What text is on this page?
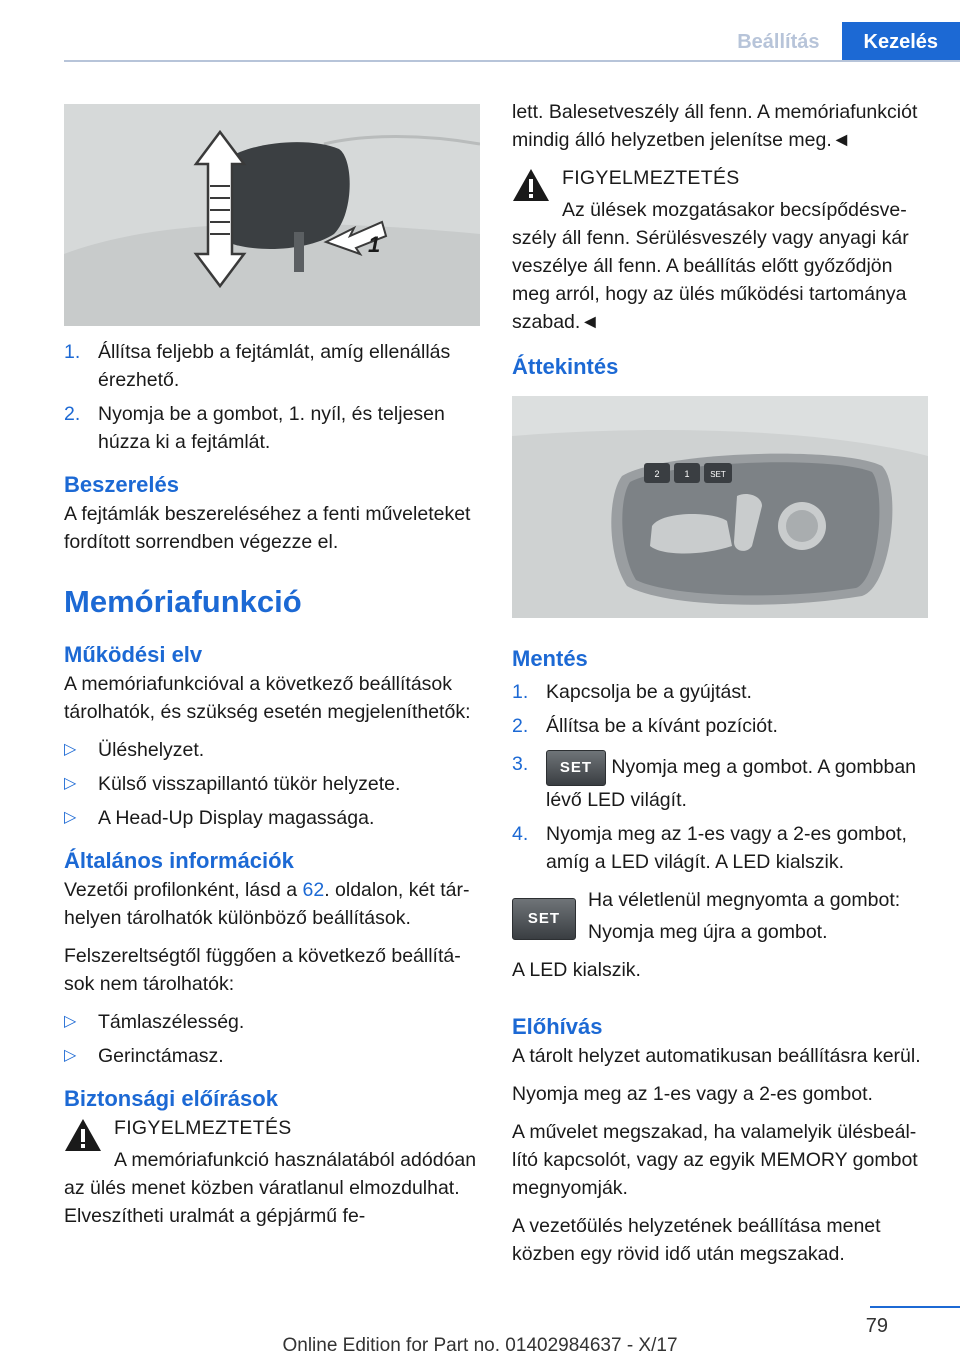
Beállítás	Kezelés
1
1. Állítsa feljebb a fejtámlát, amíg ellenállás érezhető.
2. Nyomja be a gombot, 1. nyíl, és teljesen húzza ki a fejtámlát.
Beszerelés

A fejtámlák beszereléséhez a fenti műveleteket fordított sorrendben végezze el.

Memóriafunkció
Működési elv

A memóriafunkcióval a következő beállítások tárolhatók, és szükség esetén megjeleníthetők:

▷ Üléshelyzet.
▷ Külső visszapillantó tükör helyzete.
▷ A Head-Up Display magassága.
Általános információk

Vezetői profilonként, lásd a 62. oldalon, két tárhelyen tárolhatók különböző beállítások.

Felszereltségtől függően a következő beállítások nem tárolhatók:

▷ Támlaszélesség.
▷ Gerinctámasz.
Biztonsági előírások
FIGYELMEZTETÉS

A memóriafunkció használatából adódóan az ülés menet közben váratlanul elmozdulhat. Elveszítheti uralmát a gépjármű fe-

lett. Balesetveszély áll fenn. A memóriafunkciót mindig álló helyzetben jelenítse meg.◄

FIGYELMEZTETÉS

Az ülések mozgatásakor becsípődésveszély áll fenn. Sérülésveszély vagy anyagi kár veszélye áll fenn. A beállítás előtt győződjön meg arról, hogy az ülés működési tartománya szabad.◄

Áttekintés
2	1	SET
Mentés
1. Kapcsolja be a gyújtást.
2. Állítsa be a kívánt pozíciót.
3. SET Nyomja meg a gombot. A gombban lévő LED világít.
4. Nyomja meg az 1-es vagy a 2-es gombot, amíg a LED világít. A LED kialszik.
SET

Ha véletlenül megnyomta a gombot:

Nyomja meg újra a gombot.

A LED kialszik.

Előhívás

A tárolt helyzet automatikusan beállításra kerül.

Nyomja meg az 1-es vagy a 2-es gombot.

A művelet megszakad, ha valamelyik ülésbeállító kapcsolót, vagy az egyik MEMORY gombot megnyomják.

A vezetőülés helyzetének beállítása menet közben egy rövid idő után megszakad.

79
Online Edition for Part no. 01402984637 - X/17
